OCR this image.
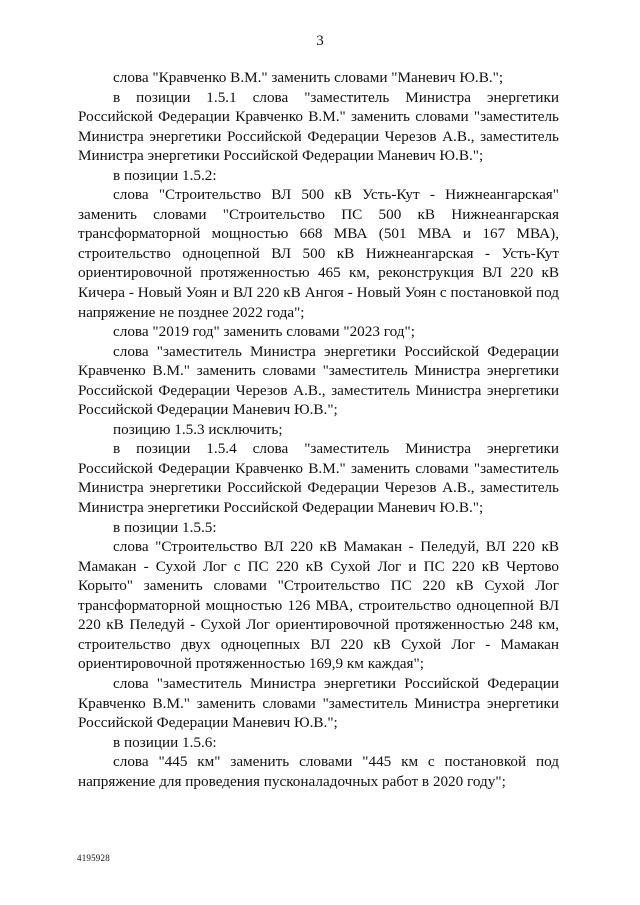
3

слова "Кравченко В.М." заменить словами "Маневич Ю.В.";

в позиции 1.5.1 слова "заместитель Министра энергетики Российской Федерации Кравченко В.М." заменить словами "заместитель Министра энергетики Российской Федерации Черезов А.В., заместитель Министра энергетики Российской Федерации Маневич Ю.В.";

в позиции 1.5.2:

слова "Строительство ВЛ 500 кВ Усть-Кут - Нижнеангарская" заменить словами "Строительство ПС 500 кВ Нижнеангарская трансформаторной мощностью 668 МВА (501 МВА и 167 МВА), строительство одноцепной ВЛ 500 кВ Нижнеангарская - Усть-Кут ориентировочной протяженностью 465 км, реконструкция ВЛ 220 кВ Кичера - Новый Уоян и ВЛ 220 кВ Ангоя - Новый Уоян с постановкой под напряжение не позднее 2022 года";

слова "2019 год" заменить словами "2023 год";

слова "заместитель Министра энергетики Российской Федерации Кравченко В.М." заменить словами "заместитель Министра энергетики Российской Федерации Черезов А.В., заместитель Министра энергетики Российской Федерации Маневич Ю.В.";

позицию 1.5.3 исключить;

в позиции 1.5.4 слова "заместитель Министра энергетики Российской Федерации Кравченко В.М." заменить словами "заместитель Министра энергетики Российской Федерации Черезов А.В., заместитель Министра энергетики Российской Федерации Маневич Ю.В.";

в позиции 1.5.5:

слова "Строительство ВЛ 220 кВ Мамакан - Пеледуй, ВЛ 220 кВ Мамакан - Сухой Лог с ПС 220 кВ Сухой Лог и ПС 220 кВ Чертово Корыто" заменить словами "Строительство ПС 220 кВ Сухой Лог трансформаторной мощностью 126 МВА, строительство одноцепной ВЛ 220 кВ Пеледуй - Сухой Лог ориентировочной протяженностью 248 км, строительство двух одноцепных ВЛ 220 кВ Сухой Лог - Мамакан ориентировочной протяженностью 169,9 км каждая";

слова "заместитель Министра энергетики Российской Федерации Кравченко В.М." заменить словами "заместитель Министра энергетики Российской Федерации Маневич Ю.В.";

в позиции 1.5.6:

слова "445 км" заменить словами "445 км с постановкой под напряжение для проведения пусконаладочных работ в 2020 году";

4195928
